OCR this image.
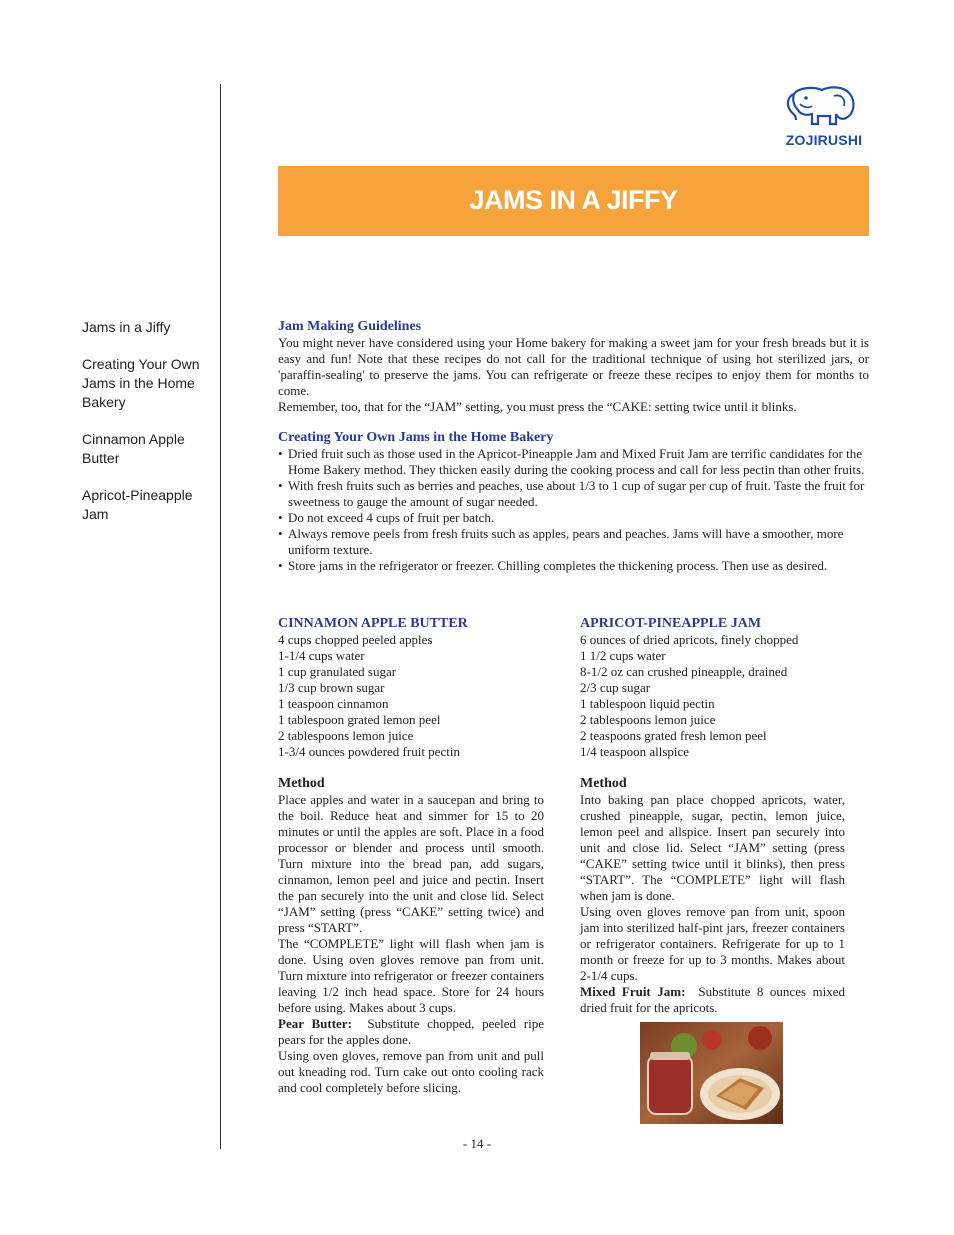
ZOJIRUSHI
JAMS IN A JIFFY
Jams in a Jiffy
Creating Your Own Jams in the Home Bakery
Cinnamon Apple Butter
Apricot-Pineapple Jam
Jam Making Guidelines
You might never have considered using your Home bakery for making a sweet jam for your fresh breads but it is easy and fun! Note that these recipes do not call for the traditional technique of using hot sterilized jars, or 'paraffin-sealing' to preserve the jams. You can refrigerate or freeze these recipes to enjoy them for months to come.
Remember, too, that for the “JAM” setting, you must press the “CAKE: setting twice until it blinks.
Creating Your Own Jams in the Home Bakery
• Dried fruit such as those used in the Apricot-Pineapple Jam and Mixed Fruit Jam are terrific candidates for the Home Bakery method. They thicken easily during the cooking process and call for less pectin than other fruits.
• With fresh fruits such as berries and peaches, use about 1/3 to 1 cup of sugar per cup of fruit. Taste the fruit for sweetness to gauge the amount of sugar needed.
• Do not exceed 4 cups of fruit per batch.
• Always remove peels from fresh fruits such as apples, pears and peaches. Jams will have a smoother, more uniform texture.
• Store jams in the refrigerator or freezer. Chilling completes the thickening process. Then use as desired.
CINNAMON APPLE BUTTER
4 cups chopped peeled apples
1-1/4 cups water
1 cup granulated sugar
1/3 cup brown sugar
1 teaspoon cinnamon
1 tablespoon grated lemon peel
2 tablespoons lemon juice
1-3/4 ounces powdered fruit pectin
Method
Place apples and water in a saucepan and bring to the boil. Reduce heat and simmer for 15 to 20 minutes or until the apples are soft. Place in a food processor or blender and process until smooth. Turn mixture into the bread pan, add sugars, cinnamon, lemon peel and juice and pectin. Insert the pan securely into the unit and close lid. Select “JAM” setting (press “CAKE” setting twice) and press “START”.
The “COMPLETE” light will flash when jam is done. Using oven gloves remove pan from unit. Turn mixture into refrigerator or freezer containers leaving 1/2 inch head space. Store for 24 hours before using. Makes about 3 cups.
Pear Butter: Substitute chopped, peeled ripe pears for the apples done.
Using oven gloves, remove pan from unit and pull out kneading rod. Turn cake out onto cooling rack and cool completely before slicing.
APRICOT-PINEAPPLE JAM
6 ounces of dried apricots, finely chopped
1 1/2 cups water
8-1/2 oz can crushed pineapple, drained
2/3 cup sugar
1 tablespoon liquid pectin
2 tablespoons lemon juice
2 teaspoons grated fresh lemon peel
1/4 teaspoon allspice
Method
Into baking pan place chopped apricots, water, crushed pineapple, sugar, pectin, lemon juice, lemon peel and allspice. Insert pan securely into unit and close lid. Select “JAM” setting (press “CAKE” setting twice until it blinks), then press “START”. The “COMPLETE” light will flash when jam is done.
Using oven gloves remove pan from unit, spoon jam into sterilized half-pint jars, freezer containers or refrigerator containers. Refrigerate for up to 1 month or freeze for up to 3 months. Makes about 2-1/4 cups.
Mixed Fruit Jam: Substitute 8 ounces mixed dried fruit for the apricots.
- 14 -
